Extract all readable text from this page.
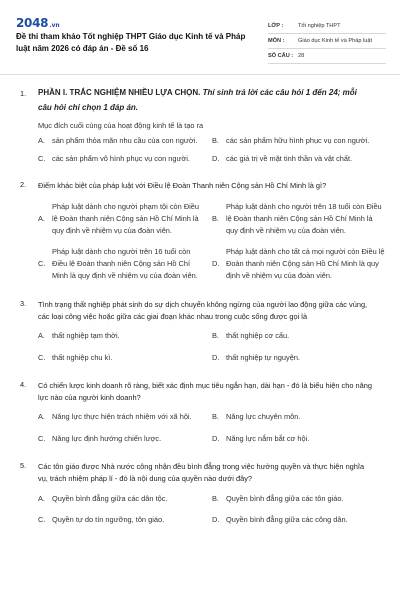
2048.vn
Đề thi tham khảo Tốt nghiệp THPT Giáo dục Kinh tế và Pháp luật năm 2026 có đáp án - Đề số 16
LỚP :	Tốt nghiệp THPT
MÔN :	Giáo dục Kinh tế và Pháp luật
SỐ CÂU : 28
1. PHẦN I. TRẮC NGHIỆM NHIỀU LỰA CHỌN. Thí sinh trả lời các câu hỏi 1 đến 24; mỗi câu hỏi chỉ chọn 1 đáp án.
Mục đích cuối cùng của hoạt động kinh tế là tạo ra
A. sản phẩm thỏa mãn nhu cầu của con người.	B. các sản phẩm hữu hình phục vụ con người.
C. các sản phẩm vô hình phục vụ con người.	D. các giá trị về mặt tinh thần và vật chất.
2. Điểm khác biệt của pháp luật với Điều lệ Đoàn Thanh niên Cộng sản Hồ Chí Minh là gì?
A.
Pháp luật dành cho người phạm tội còn Điều lệ Đoàn thanh niên Cộng sản Hồ Chí Minh là quy định về nhiệm vụ của đoàn viên.
B.
Pháp luật dành cho người trên 18 tuổi còn Điều lệ Đoàn thanh niên Cộng sản Hồ Chí Minh là quy định về nhiệm vụ của đoàn viên.
C.
Pháp luật dành cho người trên 16 tuổi còn Điều lệ Đoàn thanh niên Cộng sản Hồ Chí Minh là quy định về nhiệm vụ của đoàn viên.
D.
Pháp luật dành cho tất cả mọi người còn Điều lệ Đoàn thanh niên Cộng sản Hồ Chí Minh là quy định về nhiệm vụ của đoàn viên.
3. Tình trạng thất nghiệp phát sinh do sự dịch chuyển không ngừng của người lao động giữa các vùng, các loại công việc hoặc giữa các giai đoạn khác nhau trong cuộc sống được gọi là
A. thất nghiệp tạm thời.	B. thất nghiệp cơ cấu.
C. thất nghiệp chu kì.	D. thất nghiệp tự nguyện.
4. Có chiến lược kinh doanh rõ ràng, biết xác định mục tiêu ngắn hạn, dài hạn - đó là biểu hiện cho năng lực nào của người kinh doanh?
A. Năng lực thực hiện trách nhiệm với xã hội.	B. Năng lực chuyên môn.
C. Năng lực định hướng chiến lược.	D. Năng lực nắm bắt cơ hội.
5. Các tôn giáo được Nhà nước công nhận đều bình đẳng trong việc hưởng quyền và thực hiện nghĩa vụ, trách nhiệm pháp lí - đó là nội dung của quyền nào dưới đây?
A. Quyền bình đẳng giữa các dân tộc.	B. Quyền bình đẳng giữa các tôn giáo.
C. Quyền tự do tín ngưỡng, tôn giáo.	D. Quyền bình đẳng giữa các công dân.
